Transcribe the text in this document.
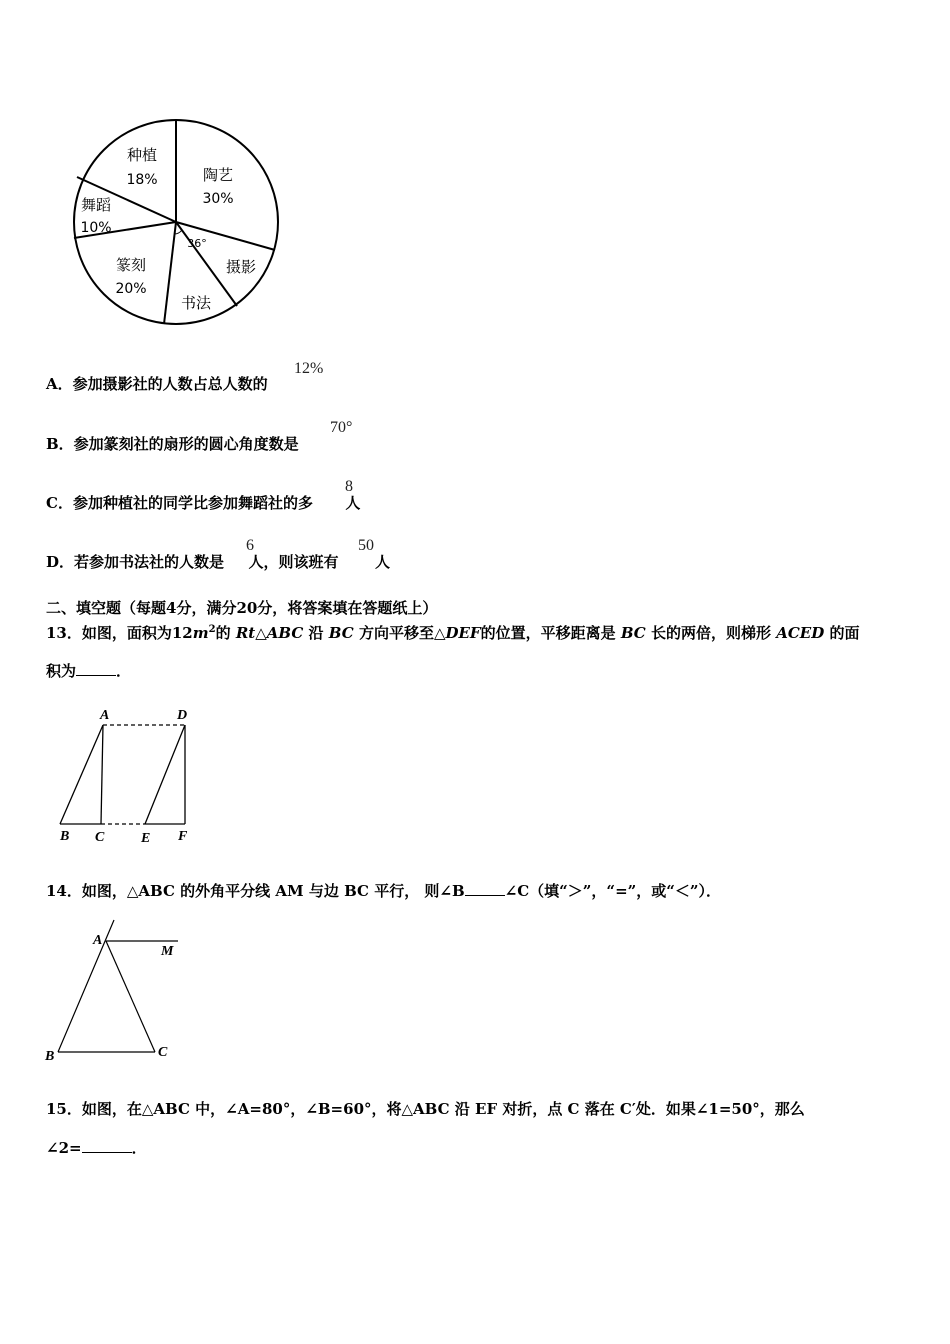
种植
18%	陶艺
30%
舞蹈
10%
篆刻
20%
书法
摄影
36°
A．参加摄影社的人数占总人数的
12%
B．参加篆刻社的扇形的圆心角度数是
70°
C．参加种植社的同学比参加舞蹈社的多 人
8
D．若参加书法社的人数是 人，则该班有 人
6	50
二、填空题（每题4分，满分20分，将答案填在答题纸上）
13．如图，面积为$12m^2$的 Rt△ABC 沿 BC 方向平移至△DEF的位置，平移距离是 BC 长的两倍，则梯形 ACED 的面
积为	．
A	D
B C	E F
14．如图，△ABC 的外角平分线 AM 与边 BC 平行， 则∠B	∠C（填“＞”，“=”，或“＜”）．
A
M
B	C
15．如图，在△ABC 中，∠A=80°，∠B=60°，将△ABC 沿 EF 对折，点 C 落在 C′处．如果∠1=50°，那么
∠2=	．
